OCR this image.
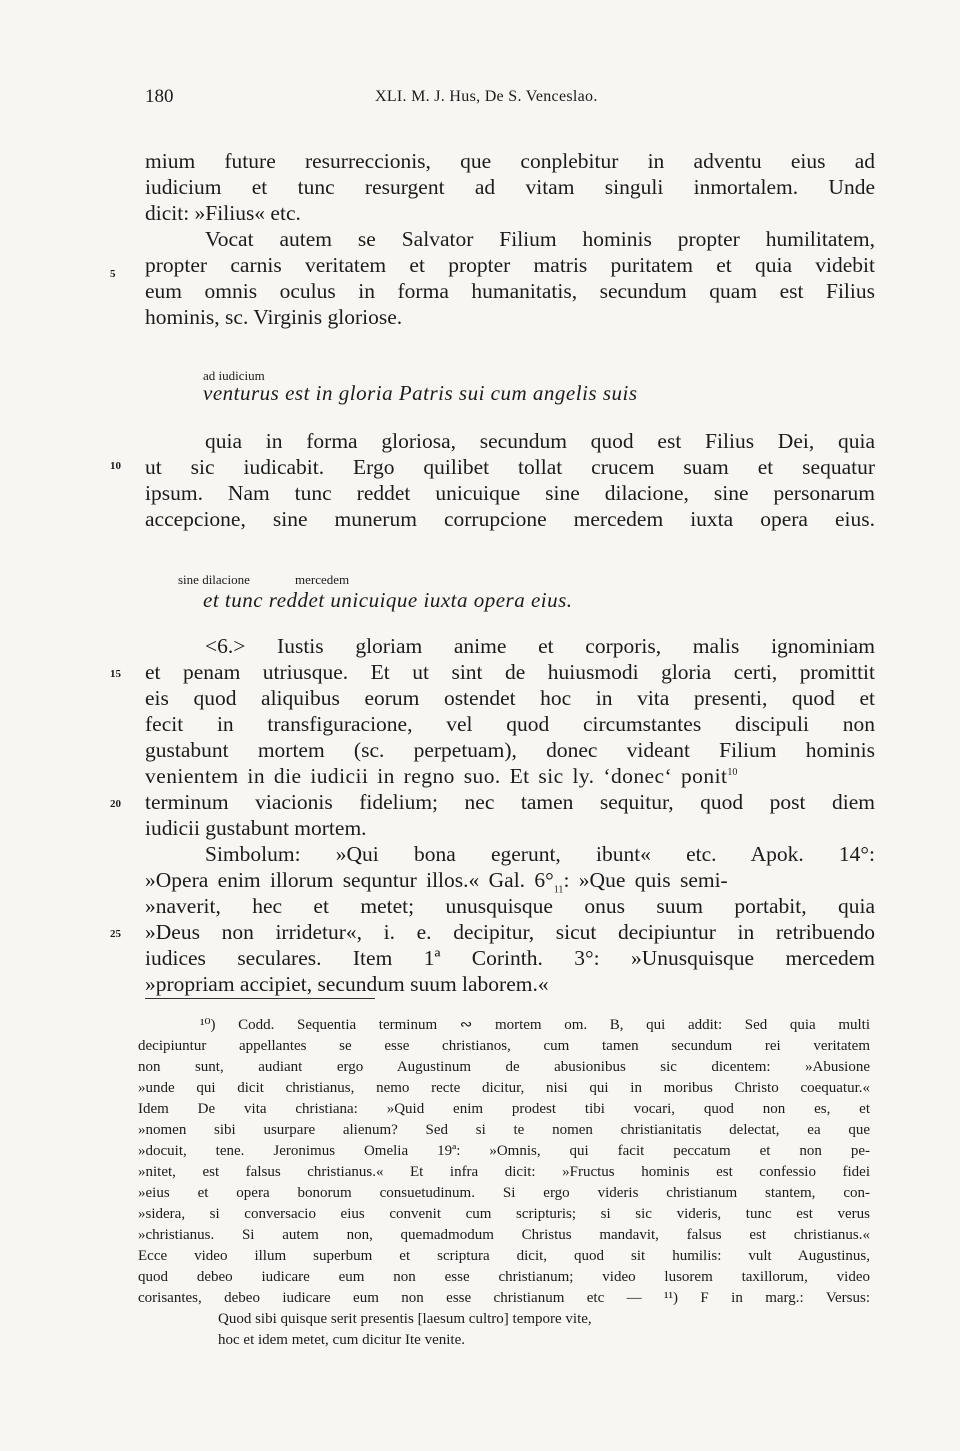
180	XLI. M. J. Hus, De S. Venceslao.
mium future resurreccionis, que conplebitur in adventu eius ad
iudicium et tunc resurgent ad vitam singuli inmortalem. Unde
dicit: »Filius« etc.
Vocat autem se Salvator Filium hominis propter humilitatem,
propter carnis veritatem et propter matris puritatem et quia videbit
eum omnis oculus in forma humanitatis, secundum quam est Filius
hominis, sc. Virginis gloriose.
ad iudicium
venturus est in gloria Patris sui cum angelis suis
quia in forma gloriosa, secundum quod est Filius Dei, quia
ut sic iudicabit. Ergo quilibet tollat crucem suam et sequatur
ipsum. Nam tunc reddet unicuique sine dilacione, sine personarum
accepcione, sine munerum corrupcione mercedem iuxta opera eius.
sine dilacione	mercedem
et tunc reddet unicuique iuxta opera eius.
<6.> Iustis gloriam anime et corporis, malis ignominiam
et penam utriusque. Et ut sint de huiusmodi gloria certi, promittit
eis quod aliquibus eorum ostendet hoc in vita presenti, quod et
fecit in transfiguracione, vel quod circumstantes discipuli non
gustabunt mortem (sc. perpetuam), donec videant Filium hominis
venientem in die iudicii in regno suo. Et sic ly. ‘donec‘ ponit$^{10}$
terminum viacionis fidelium; nec tamen sequitur, quod post diem
iudicii gustabunt mortem.
Simbolum: »Qui bona egerunt, ibunt« etc. Apok. 14°:
»Opera enim illorum sequntur illos.« Gal. $6^\circ_{11}$: »Que quis semi-
»naverit, hec et metet; unusquisque onus suum portabit, quia
»Deus non irridetur«, i. e. decipitur, sicut decipiuntur in retribuendo
iudices seculares. Item 1ª Corinth. 3°: »Unusquisque mercedem
»propriam accipiet, secundum suum laborem.«
5
10
15
20
25
¹⁰) Codd. Sequentia terminum ∾ mortem om. B, qui addit: Sed quia multi
decipiuntur appellantes se esse christianos, cum tamen secundum rei veritatem
non sunt, audiant ergo Augustinum de abusionibus sic dicentem: »Abusione
»unde qui dicit christianus, nemo recte dicitur, nisi qui in moribus Christo coequatur.«
Idem De vita christiana: »Quid enim prodest tibi vocari, quod non es, et
»nomen sibi usurpare alienum? Sed si te nomen christianitatis delectat, ea que
»docuit, tene. Jeronimus Omelia 19ª: »Omnis, qui facit peccatum et non pe-
»nitet, est falsus christianus.« Et infra dicit: »Fructus hominis est confessio fidei
»eius et opera bonorum consuetudinum. Si ergo videris christianum stantem, con-
»sidera, si conversacio eius convenit cum scripturis; si sic videris, tunc est verus
»christianus. Si autem non, quemadmodum Christus mandavit, falsus est christianus.«
Ecce video illum superbum et scriptura dicit, quod sit humilis: vult Augustinus,
quod debeo iudicare eum non esse christianum; video lusorem taxillorum, video
corisantes, debeo iudicare eum non esse christianum etc — ¹¹) F in marg.: Versus:
Quod sibi quisque serit presentis [laesum cultro] tempore vite,
hoc et idem metet, cum dicitur Ite venite.
